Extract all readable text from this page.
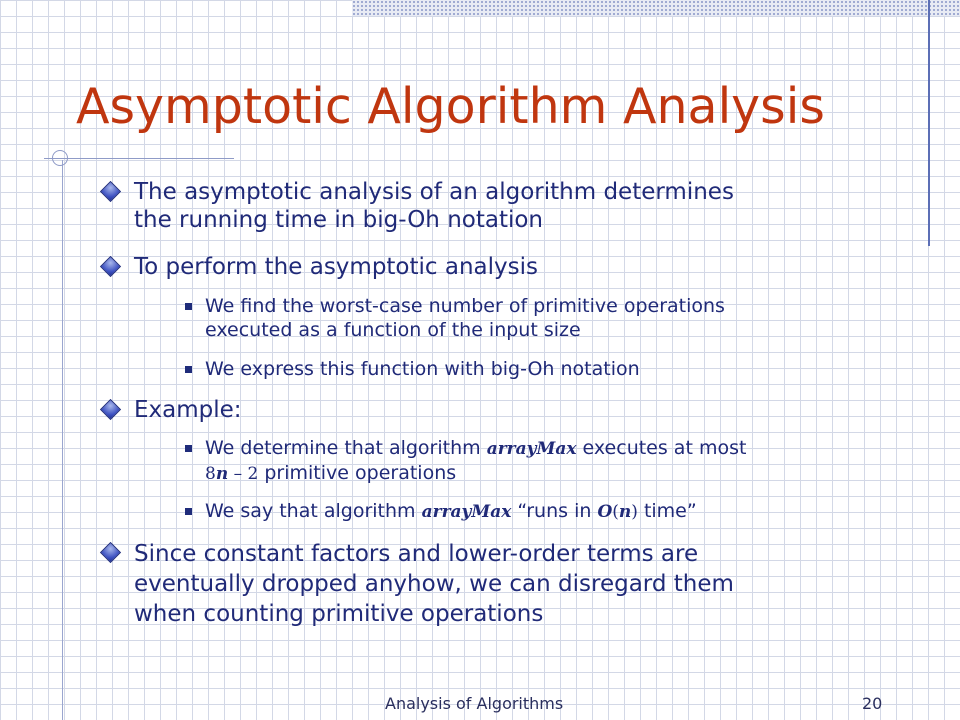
Asymptotic Algorithm Analysis
The asymptotic analysis of an algorithm determines
the running time in big-Oh notation
To perform the asymptotic analysis
We find the worst-case number of primitive operations
executed as a function of the input size
We express this function with big-Oh notation
Example:
We determine that algorithm arrayMax executes at most
8n – 2 primitive operations
We say that algorithm arrayMax “runs in O(n) time”
Since constant factors and lower-order terms are
eventually dropped anyhow, we can disregard them
when counting primitive operations
Analysis of Algorithms	20
